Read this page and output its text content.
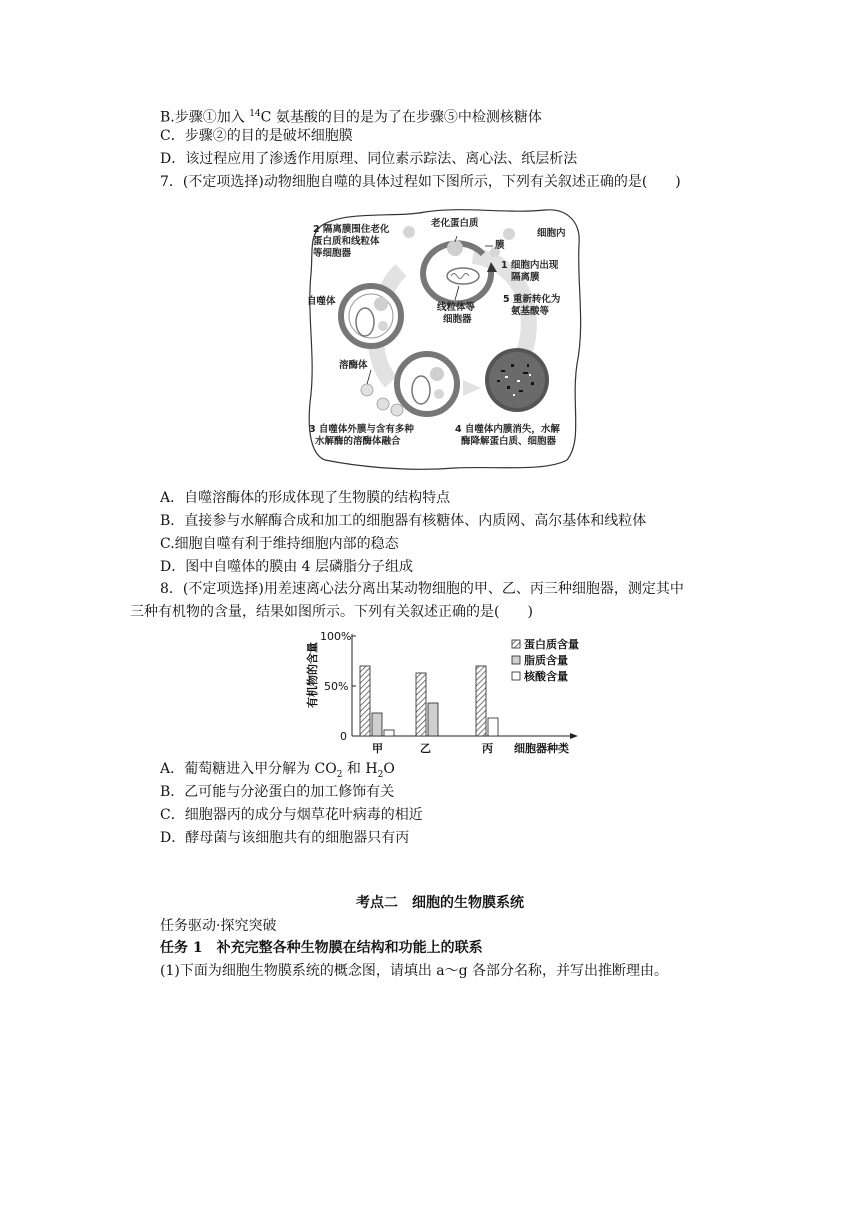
B.步骤①加入 $^{14}$C 氨基酸的目的是为了在步骤⑤中检测核糖体
C．步骤②的目的是破坏细胞膜
D．该过程应用了渗透作用原理、同位素示踪法、离心法、纸层析法
7．(不定项选择)动物细胞自噬的具体过程如下图所示，下列有关叙述正确的是(　　)
2 隔离膜围住老化
蛋白质和线粒体
等细胞器
老化蛋白质
膜
细胞内
1 细胞内出现
隔离膜
自噬体
线粒体等
细胞器
5 重新转化为
氨基酸等
溶酶体
3 自噬体外膜与含有多种
水解酶的溶酶体融合
4 自噬体内膜消失，水解
酶降解蛋白质、细胞器
A．自噬溶酶体的形成体现了生物膜的结构特点
B．直接参与水解酶合成和加工的细胞器有核糖体、内质网、高尔基体和线粒体
C.细胞自噬有利于维持细胞内部的稳态
D．图中自噬体的膜由 4 层磷脂分子组成
8．(不定项选择)用差速离心法分离出某动物细胞的甲、乙、丙三种细胞器，测定其中
三种有机物的含量，结果如图所示。下列有关叙述正确的是(　　)
有机物的含量
100%
50%
0
甲	乙	丙 细胞器种类
蛋白质含量
脂质含量
核酸含量
A．葡萄糖进入甲分解为 $CO_2$ 和 $H_2O$
B．乙可能与分泌蛋白的加工修饰有关
C．细胞器丙的成分与烟草花叶病毒的相近
D．酵母菌与该细胞共有的细胞器只有丙
考点二　细胞的生物膜系统
任务驱动·探究突破
任务 1　补充完整各种生物膜在结构和功能上的联系
(1)下面为细胞生物膜系统的概念图，请填出 a～g 各部分名称，并写出推断理由。
